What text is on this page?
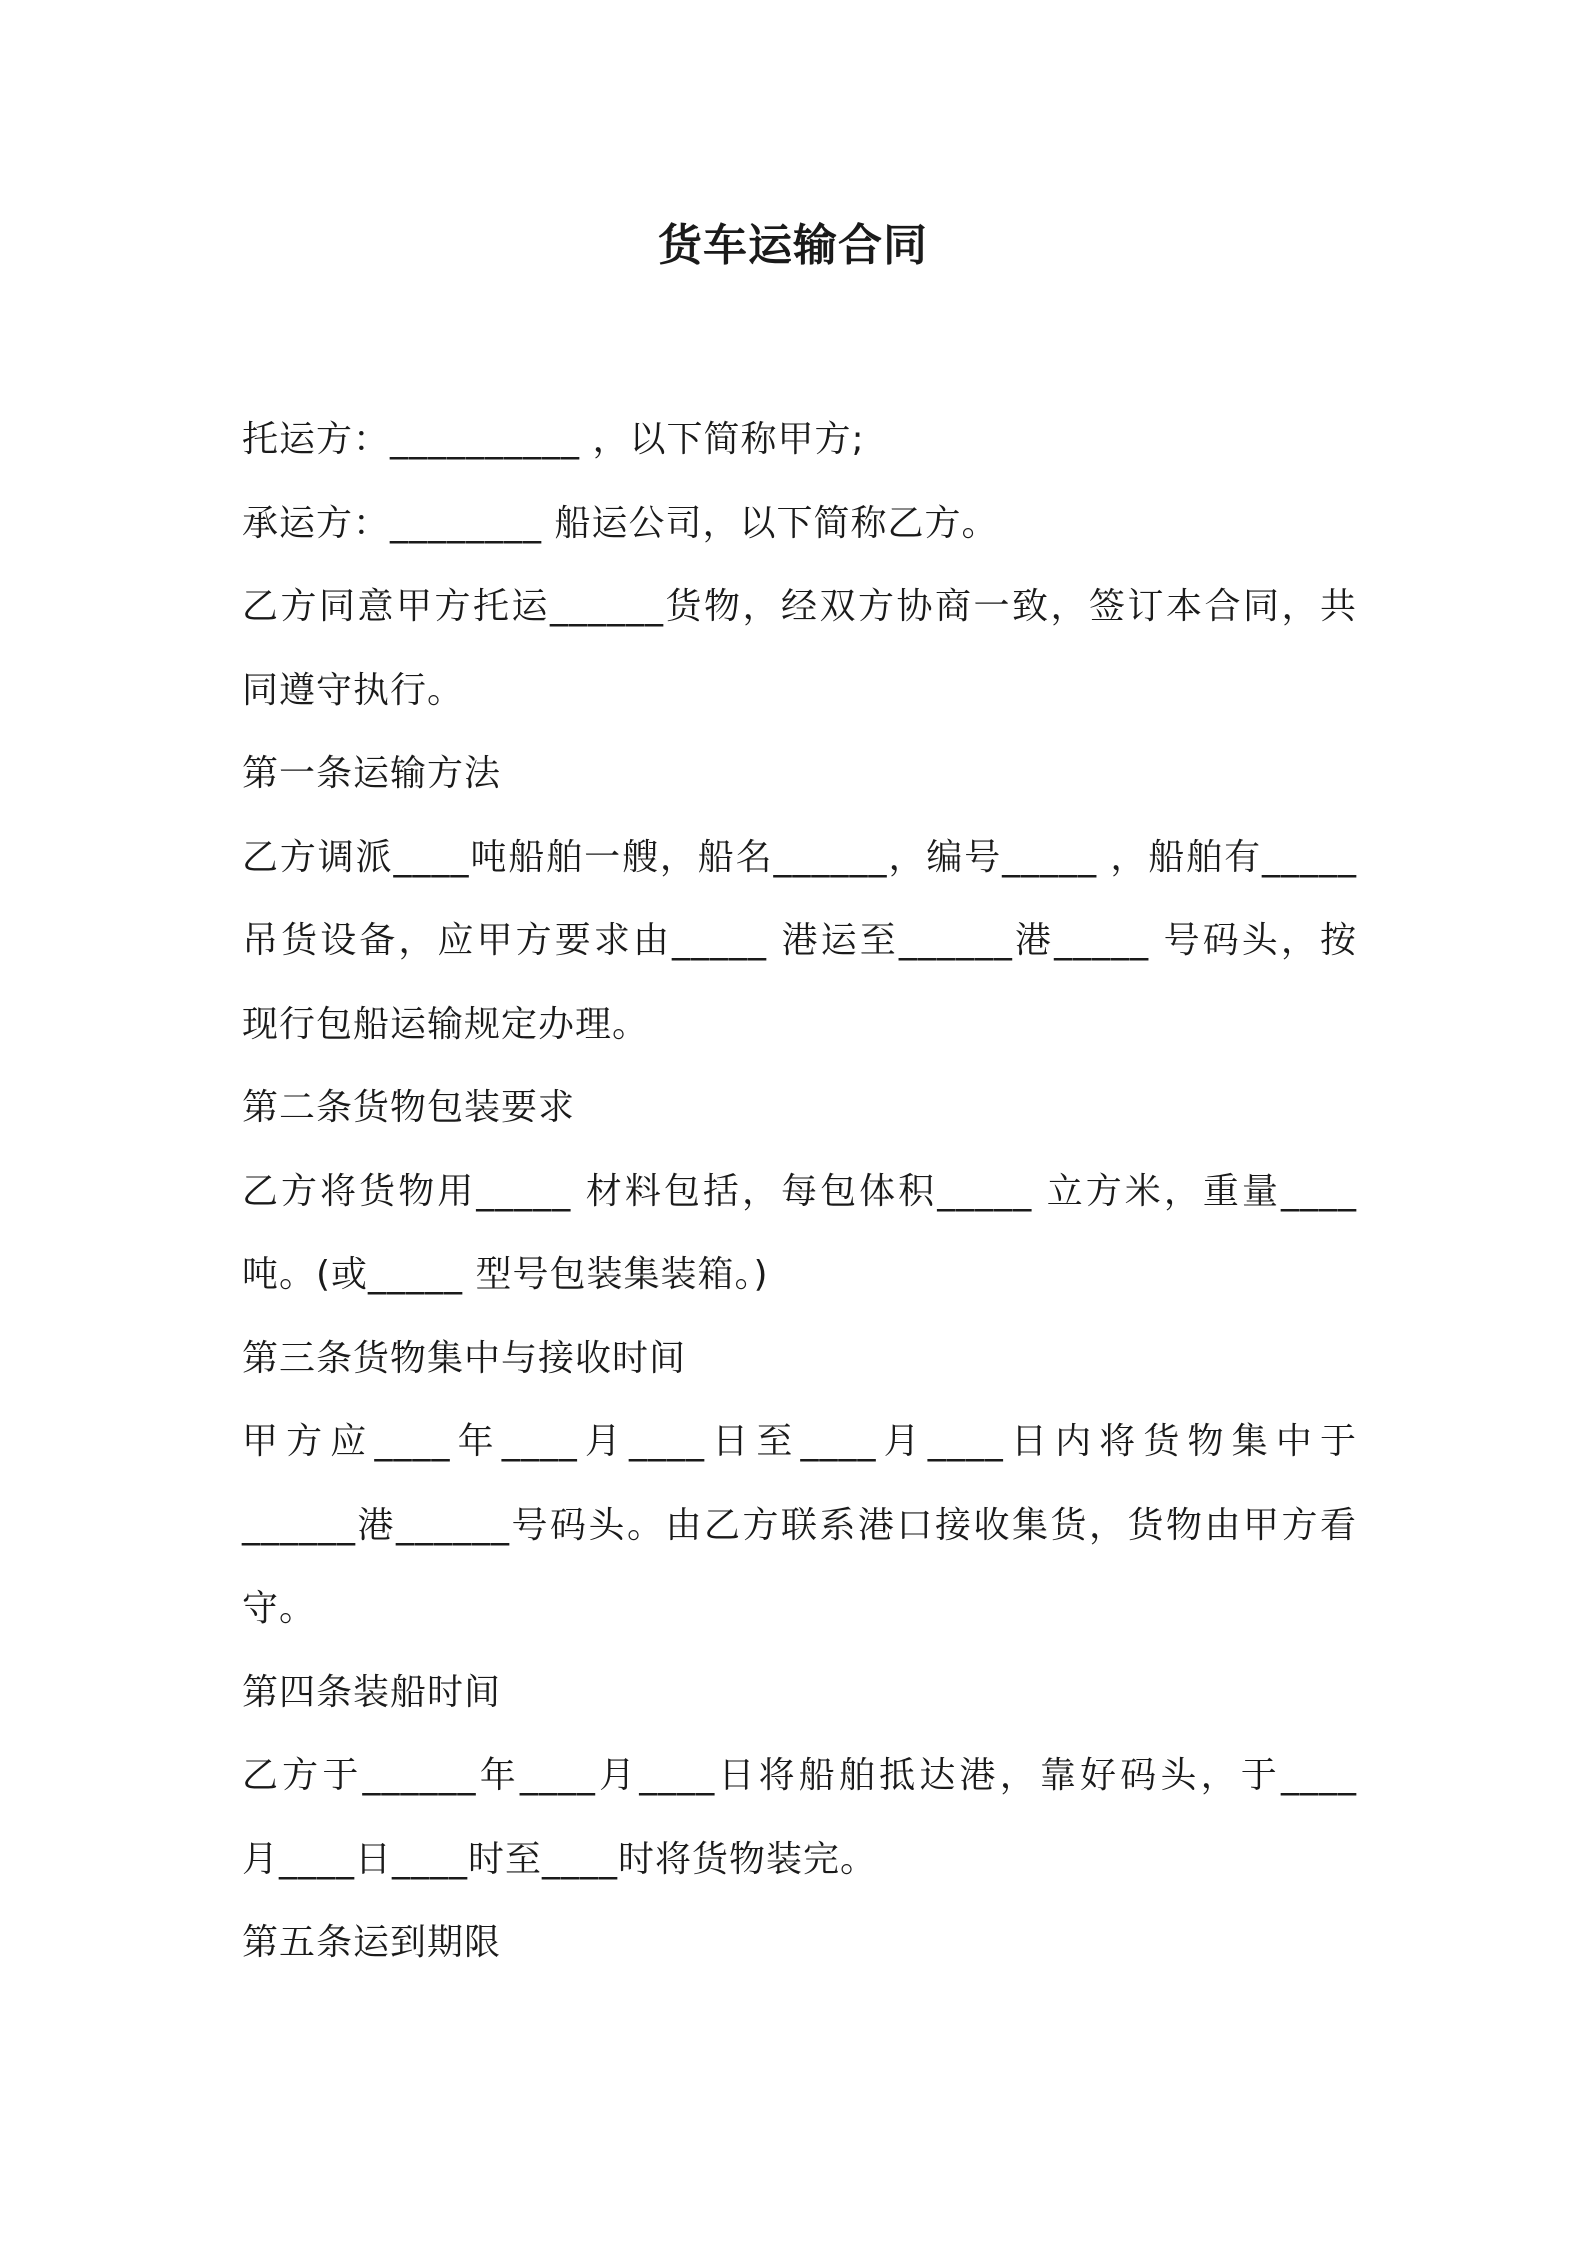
货车运输合同
托运方：__________ ，以下简称甲方;
承运方：________ 船运公司，以下简称乙方。
乙方同意甲方托运______货物，经双方协商一致，签订本合同，共
同遵守执行。
第一条运输方法
乙方调派____吨船舶一艘，船名______，编号_____ ，船舶有_____
吊货设备，应甲方要求由_____ 港运至______港_____ 号码头，按
现行包船运输规定办理。
第二条货物包装要求
乙方将货物用_____ 材料包括，每包体积_____ 立方米，重量____
吨。(或_____ 型号包装集装箱。)
第三条货物集中与接收时间
甲方应____年____月____日至____月____日内将货物集中于
______港______号码头。由乙方联系港口接收集货，货物由甲方看
守。
第四条装船时间
乙方于______年____月____日将船舶抵达港，靠好码头，于____
月____日____时至____时将货物装完。
第五条运到期限
